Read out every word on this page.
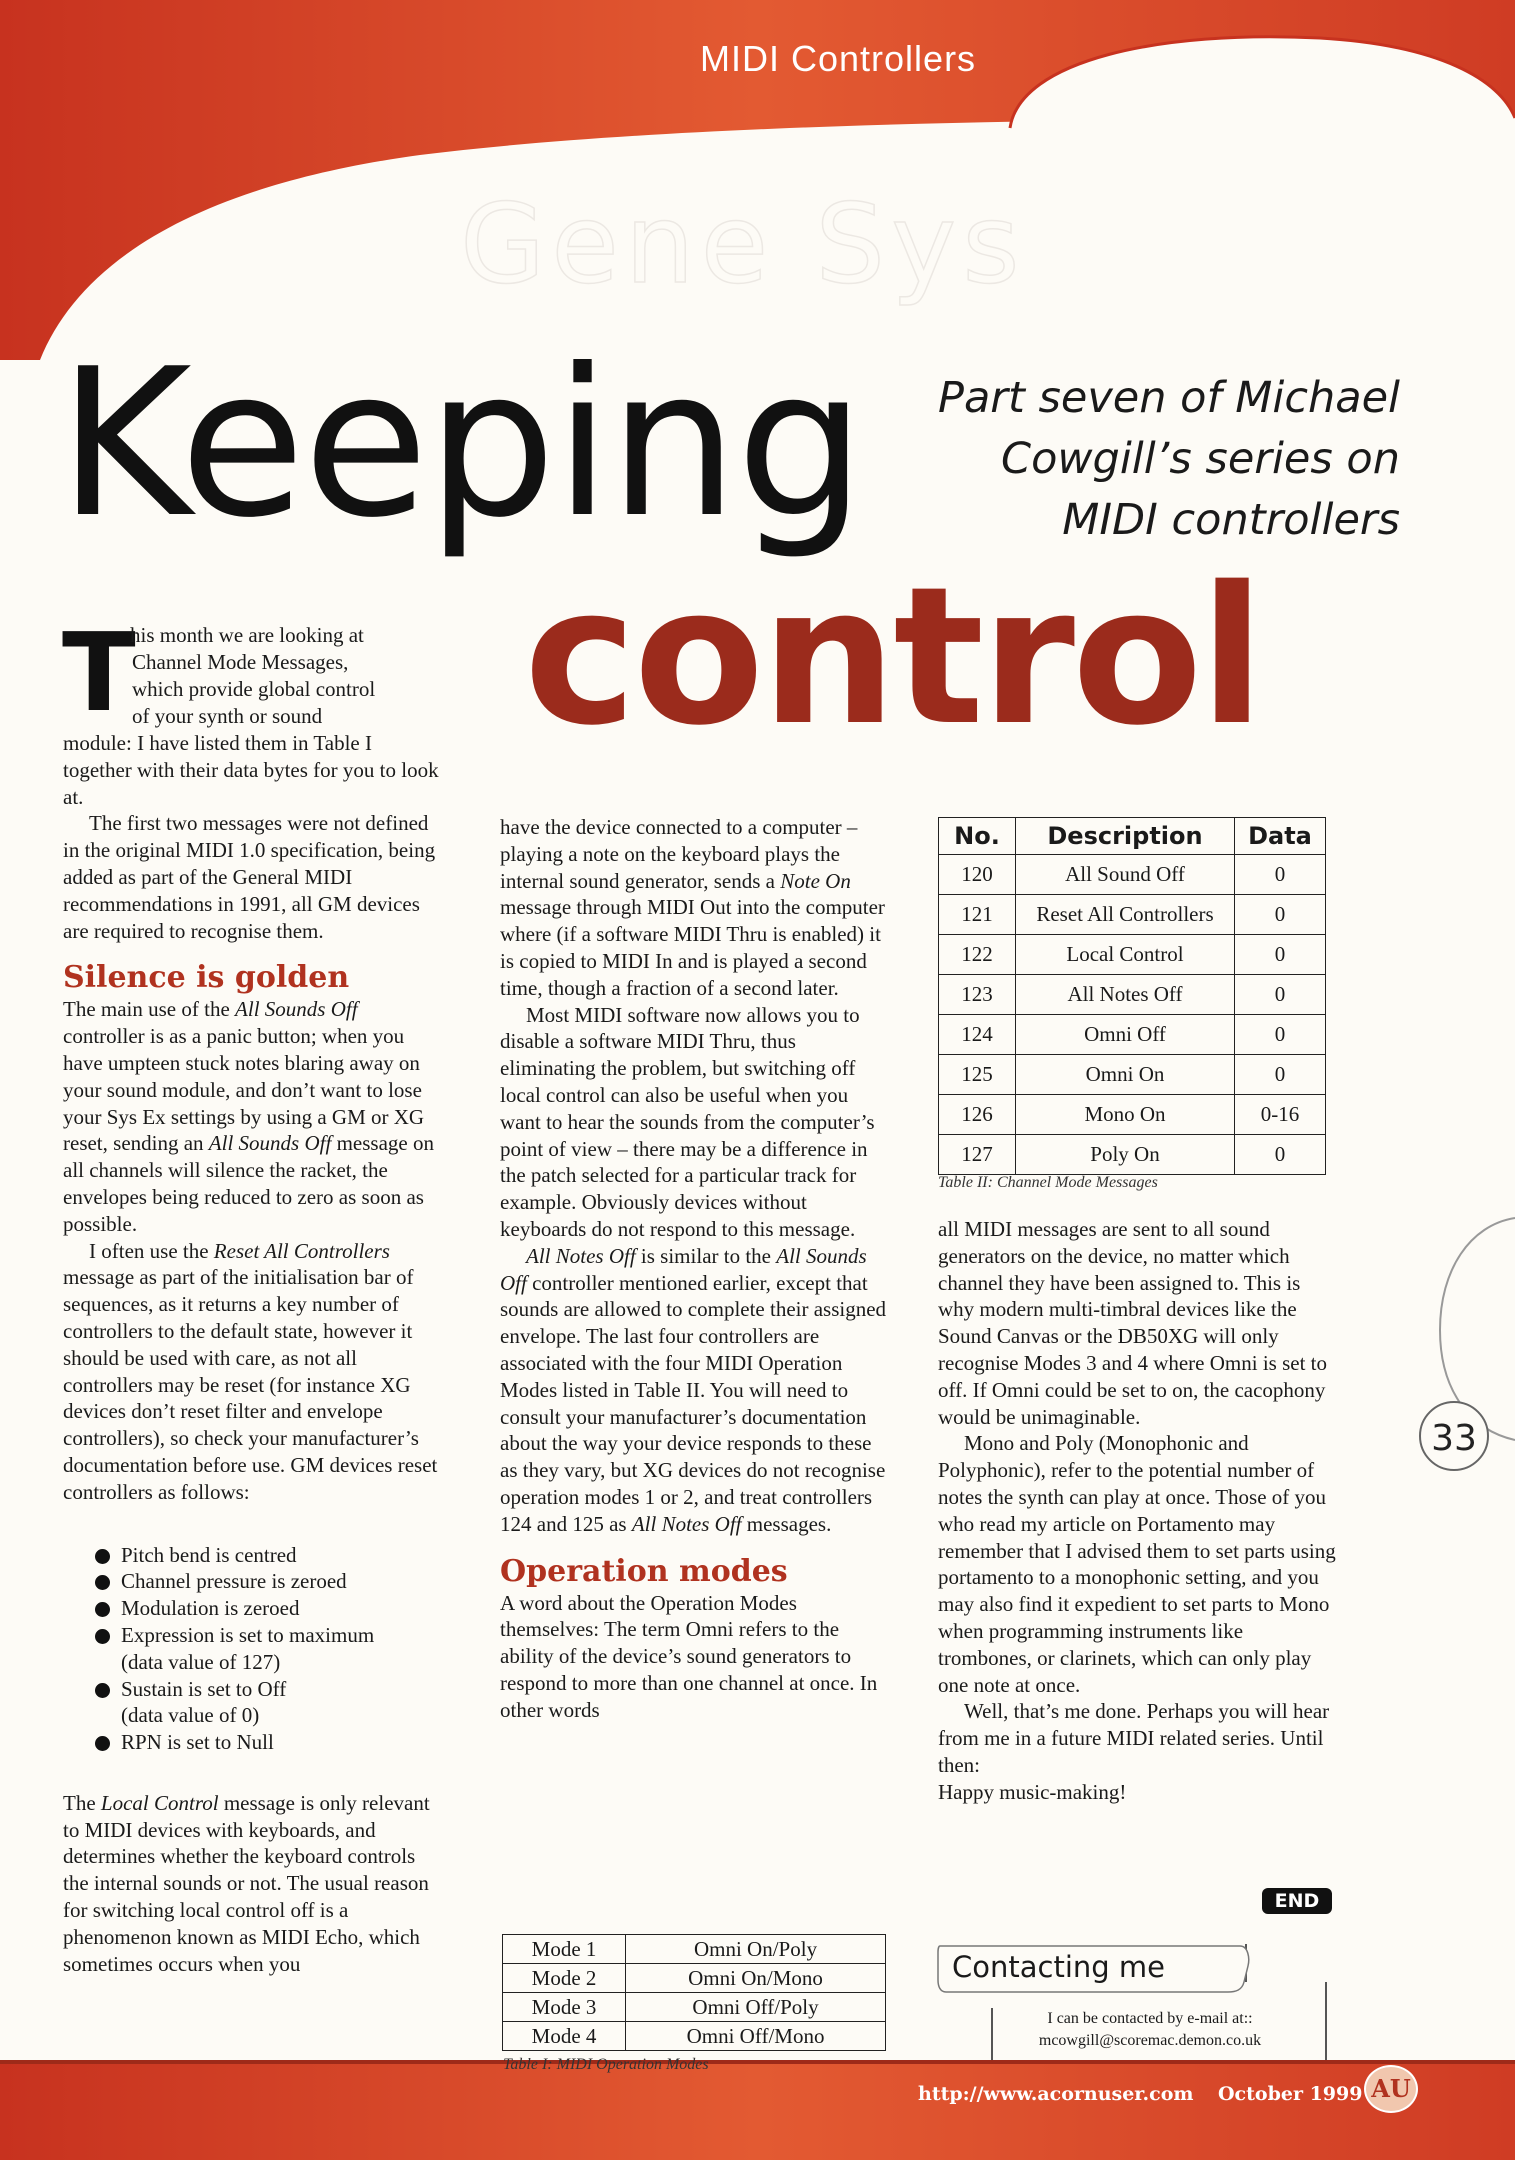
MIDI Controllers
Gene Sys
Keeping
control
Part seven of Michael
Cowgill’s series on
MIDI controllers
T
his month we are looking at
Channel Mode Messages,
which provide global control
of your synth or sound

module: I have listed them in Table I together with their data bytes for you to look at.

The first two messages were not defined in the original MIDI 1.0 specification, being added as part of the General MIDI recommendations in 1991, all GM devices are required to recognise them.

Silence is golden

The main use of the All Sounds Off controller is as a panic button; when you have umpteen stuck notes blaring away on your sound module, and don’t want to lose your Sys Ex settings by using a GM or XG reset, sending an All Sounds Off message on all channels will silence the racket, the envelopes being reduced to zero as soon as possible.

I often use the Reset All Controllers message as part of the initialisation bar of sequences, as it returns a key number of controllers to the default state, however it should be used with care, as not all controllers may be reset (for instance XG devices don’t reset filter and envelope controllers), so check your manufacturer’s documentation before use. GM devices reset controllers as follows:

Pitch bend is centred
Channel pressure is zeroed
Modulation is zeroed
Expression is set to maximum
(data value of 127)
Sustain is set to Off
(data value of 0)
RPN is set to Null

The Local Control message is only relevant to MIDI devices with keyboards, and determines whether the keyboard controls the internal sounds or not. The usual reason for switching local control off is a phenomenon known as MIDI Echo, which sometimes occurs when you

have the device connected to a computer – playing a note on the keyboard plays the internal sound generator, sends a Note On message through MIDI Out into the computer where (if a software MIDI Thru is enabled) it is copied to MIDI In and is played a second time, though a fraction of a second later.

Most MIDI software now allows you to disable a software MIDI Thru, thus eliminating the problem, but switching off local control can also be useful when you want to hear the sounds from the computer’s point of view – there may be a difference in the patch selected for a particular track for example. Obviously devices without keyboards do not respond to this message.

All Notes Off is similar to the All Sounds Off controller mentioned earlier, except that sounds are allowed to complete their assigned envelope. The last four controllers are associated with the four MIDI Operation Modes listed in Table II. You will need to consult your manufacturer’s documentation about the way your device responds to these as they vary, but XG devices do not recognise operation modes 1 or 2, and treat controllers 124 and 125 as All Notes Off messages.

Operation modes

A word about the Operation Modes themselves: The term Omni refers to the ability of the device’s sound generators to respond to more than one channel at once. In other words

Mode 1	Omni On/Poly
Mode 2	Omni On/Mono
Mode 3	Omni Off/Poly
Mode 4	Omni Off/Mono
Table I: MIDI Operation Modes
No.	Description	Data
120	All Sound Off	0
121	Reset All Controllers	0
122	Local Control	0
123	All Notes Off	0
124	Omni Off	0
125	Omni On	0
126	Mono On	0-16
127	Poly On	0
Table II: Channel Mode Messages

all MIDI messages are sent to all sound generators on the device, no matter which channel they have been assigned to. This is why modern multi-timbral devices like the Sound Canvas or the DB50XG will only recognise Modes 3 and 4 where Omni is set to off. If Omni could be set to on, the cacophony would be unimaginable.

Mono and Poly (Monophonic and Polyphonic), refer to the potential number of notes the synth can play at once. Those of you who read my article on Portamento may remember that I advised them to set parts using portamento to a monophonic setting, and you may also find it expedient to set parts to Mono when programming instruments like trombones, or clarinets, which can only play one note at once.

Well, that’s me done. Perhaps you will hear from me in a future MIDI related series. Until then:

Happy music-making!

END
Contacting me
I can be contacted by e-mail at::
mcowgill@scoremac.demon.co.uk
33
http://www.acornuser.com October 1999 AU
